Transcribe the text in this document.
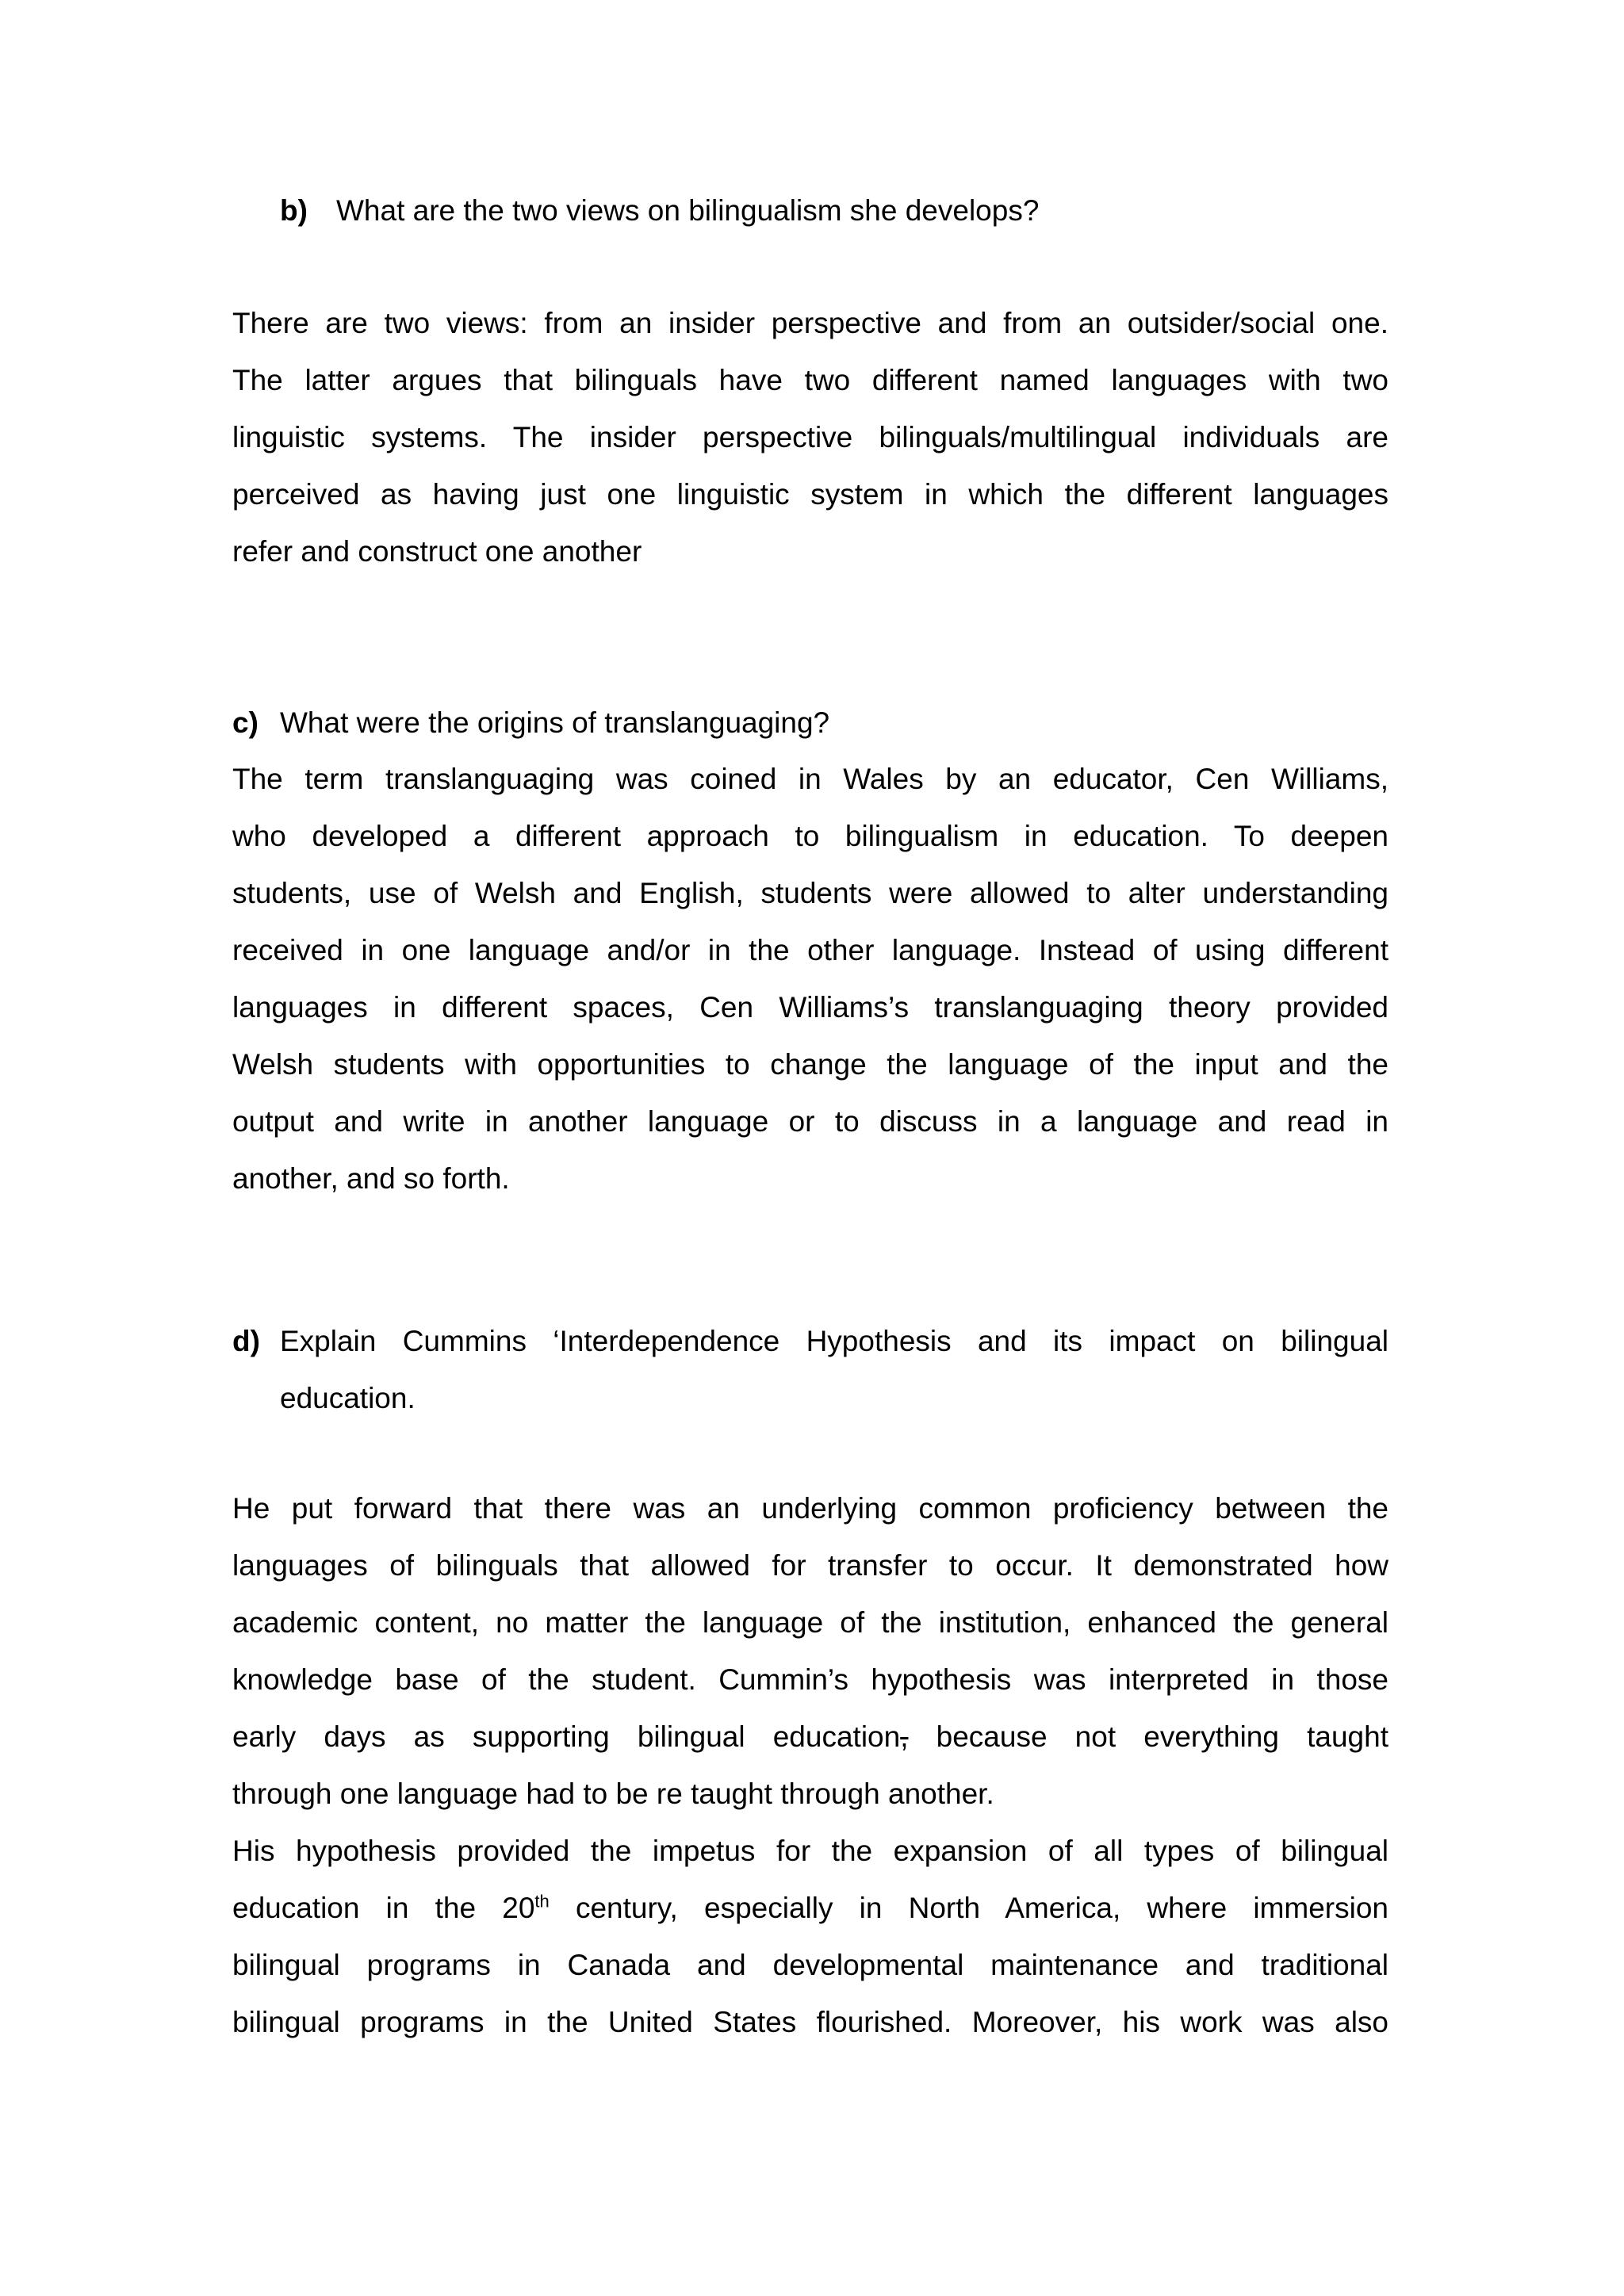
b) What are the two views on bilingualism she develops?
There are two views: from an insider perspective and from an outsider/social one.
The latter argues that bilinguals have two different named languages with two
linguistic systems. The insider perspective bilinguals/multilingual individuals are
perceived as having just one linguistic system in which the different languages
refer and construct one another
c) What were the origins of translanguaging?
The term translanguaging was coined in Wales by an educator, Cen Williams,
who developed a different approach to bilingualism in education. To deepen
students, use of Welsh and English, students were allowed to alter understanding
received in one language and/or in the other language. Instead of using different
languages in different spaces, Cen Williams’s translanguaging theory provided
Welsh students with opportunities to change the language of the input and the
output and write in another language or to discuss in a language and read in
another, and so forth.
d) Explain Cummins ‘Interdependence Hypothesis and its impact on bilingual
education.
He put forward that there was an underlying common proficiency between the
languages of bilinguals that allowed for transfer to occur. It demonstrated how
academic content, no matter the language of the institution, enhanced the general
knowledge base of the student. Cummin’s hypothesis was interpreted in those
early days as supporting bilingual education, because not everything taught
through one language had to be re taught through another.
His hypothesis provided the impetus for the expansion of all types of bilingual
education in the 20th century, especially in North America, where immersion
bilingual programs in Canada and developmental maintenance and traditional
bilingual programs in the United States flourished. Moreover, his work was also
